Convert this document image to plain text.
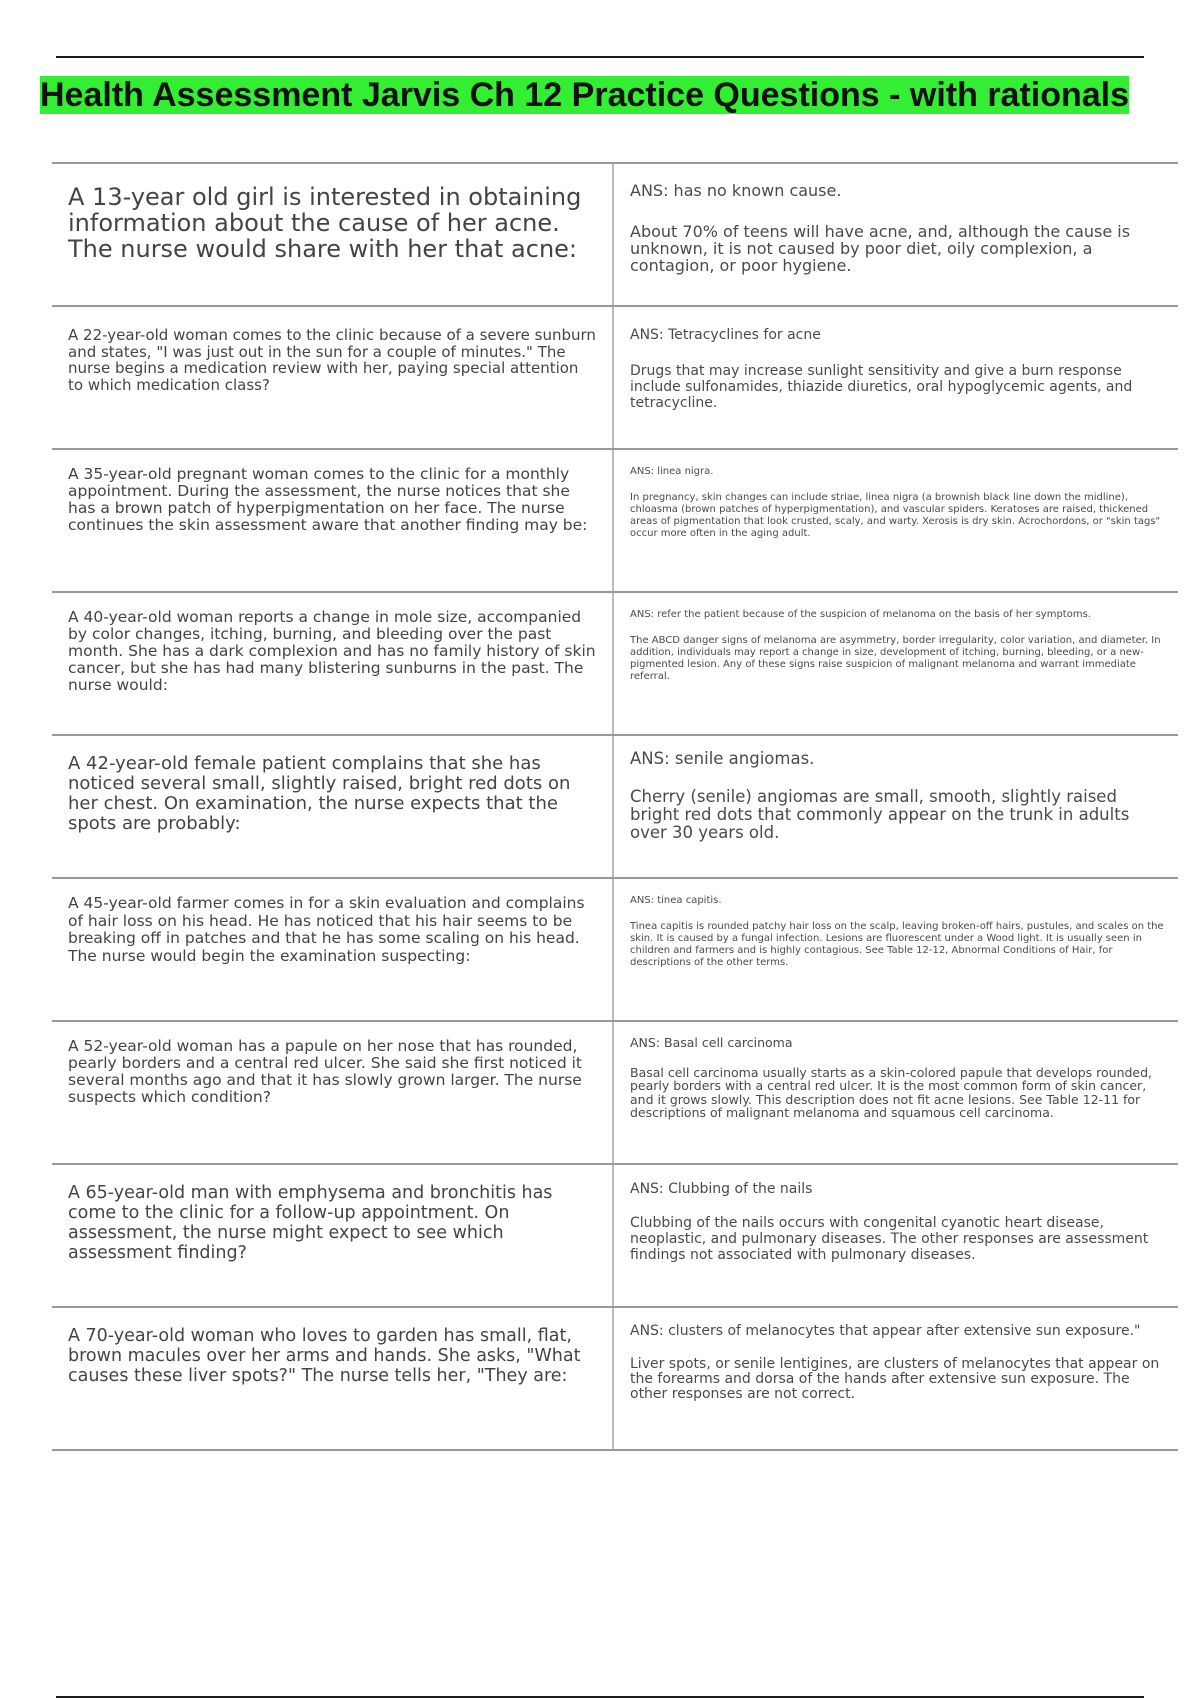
Health Assessment Jarvis Ch 12 Practice Questions - with rationals
A 13-year old girl is interested in obtaining information about the cause of her acne. The nurse would share with her that acne:
ANS: has no known cause.
About 70% of teens will have acne, and, although the cause is unknown, it is not caused by poor diet, oily complexion, a contagion, or poor hygiene.
A 22-year-old woman comes to the clinic because of a severe sunburn and states, "I was just out in the sun for a couple of minutes." The nurse begins a medication review with her, paying special attention to which medication class?
ANS: Tetracyclines for acne
Drugs that may increase sunlight sensitivity and give a burn response include sulfonamides, thiazide diuretics, oral hypoglycemic agents, and tetracycline.
A 35-year-old pregnant woman comes to the clinic for a monthly appointment. During the assessment, the nurse notices that she has a brown patch of hyperpigmentation on her face. The nurse continues the skin assessment aware that another finding may be:
ANS: linea nigra.
In pregnancy, skin changes can include striae, linea nigra (a brownish black line down the midline), chloasma (brown patches of hyperpigmentation), and vascular spiders. Keratoses are raised, thickened areas of pigmentation that look crusted, scaly, and warty. Xerosis is dry skin. Acrochordons, or "skin tags" occur more often in the aging adult.
A 40-year-old woman reports a change in mole size, accompanied by color changes, itching, burning, and bleeding over the past month. She has a dark complexion and has no family history of skin cancer, but she has had many blistering sunburns in the past. The nurse would:
ANS: refer the patient because of the suspicion of melanoma on the basis of her symptoms.
The ABCD danger signs of melanoma are asymmetry, border irregularity, color variation, and diameter. In addition, individuals may report a change in size, development of itching, burning, bleeding, or a new-pigmented lesion. Any of these signs raise suspicion of malignant melanoma and warrant immediate referral.
A 42-year-old female patient complains that she has noticed several small, slightly raised, bright red dots on her chest. On examination, the nurse expects that the spots are probably:
ANS: senile angiomas.
Cherry (senile) angiomas are small, smooth, slightly raised bright red dots that commonly appear on the trunk in adults over 30 years old.
A 45-year-old farmer comes in for a skin evaluation and complains of hair loss on his head. He has noticed that his hair seems to be breaking off in patches and that he has some scaling on his head. The nurse would begin the examination suspecting:
ANS: tinea capitis.
Tinea capitis is rounded patchy hair loss on the scalp, leaving broken-off hairs, pustules, and scales on the skin. It is caused by a fungal infection. Lesions are fluorescent under a Wood light. It is usually seen in children and farmers and is highly contagious. See Table 12-12, Abnormal Conditions of Hair, for descriptions of the other terms.
A 52-year-old woman has a papule on her nose that has rounded, pearly borders and a central red ulcer. She said she first noticed it several months ago and that it has slowly grown larger. The nurse suspects which condition?
ANS: Basal cell carcinoma
Basal cell carcinoma usually starts as a skin-colored papule that develops rounded, pearly borders with a central red ulcer. It is the most common form of skin cancer, and it grows slowly. This description does not fit acne lesions. See Table 12-11 for descriptions of malignant melanoma and squamous cell carcinoma.
A 65-year-old man with emphysema and bronchitis has come to the clinic for a follow-up appointment. On assessment, the nurse might expect to see which assessment finding?
ANS: Clubbing of the nails
Clubbing of the nails occurs with congenital cyanotic heart disease, neoplastic, and pulmonary diseases. The other responses are assessment findings not associated with pulmonary diseases.
A 70-year-old woman who loves to garden has small, flat, brown macules over her arms and hands. She asks, "What causes these liver spots?" The nurse tells her, "They are:
ANS: clusters of melanocytes that appear after extensive sun exposure."
Liver spots, or senile lentigines, are clusters of melanocytes that appear on the forearms and dorsa of the hands after extensive sun exposure. The other responses are not correct.
